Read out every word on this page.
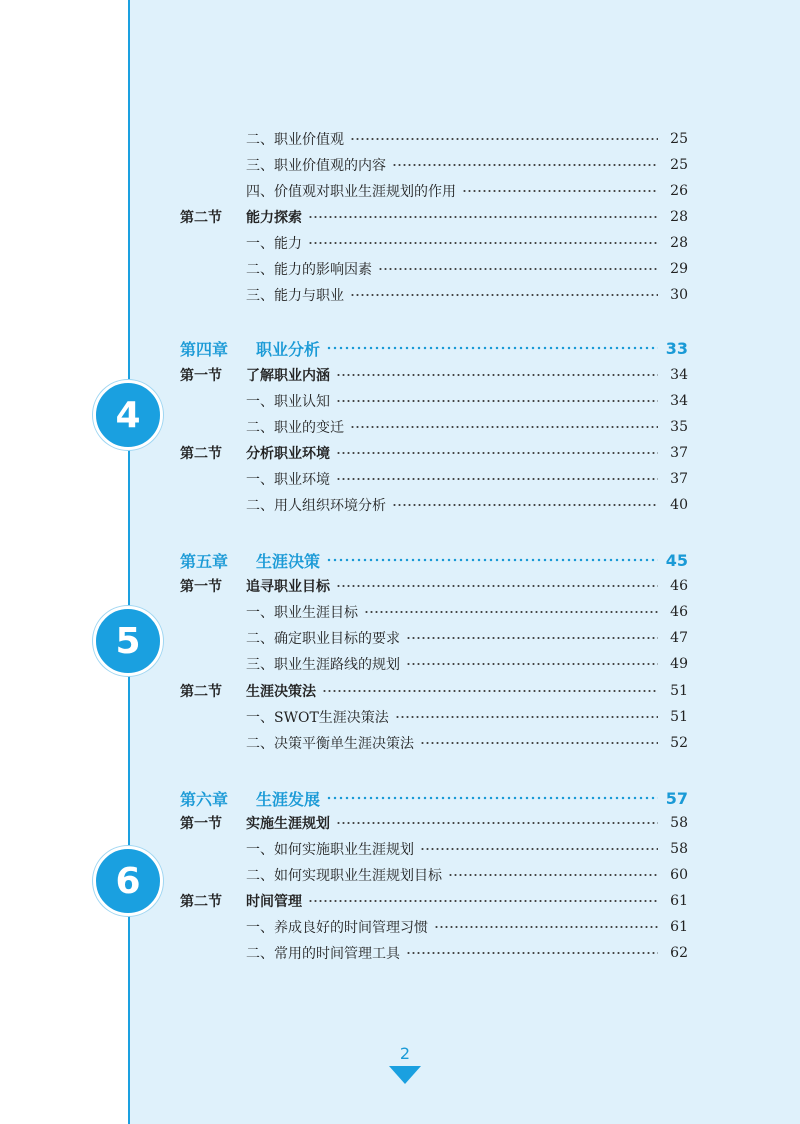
4
5
6
二、职业价值观	25
三、职业价值观的内容	25
四、价值观对职业生涯规划的作用	26
第二节	能力探索	28
一、能力	28
二、能力的影响因素	29
三、能力与职业	30
第四章	职业分析	33
第一节	了解职业内涵	34
一、职业认知	34
二、职业的变迁	35
第二节	分析职业环境	37
一、职业环境	37
二、用人组织环境分析	40
第五章	生涯决策	45
第一节	追寻职业目标	46
一、职业生涯目标	46
二、确定职业目标的要求	47
三、职业生涯路线的规划	49
第二节	生涯决策法	51
一、SWOT生涯决策法	51
二、决策平衡单生涯决策法	52
第六章	生涯发展	57
第一节	实施生涯规划	58
一、如何实施职业生涯规划	58
二、如何实现职业生涯规划目标	60
第二节	时间管理	61
一、养成良好的时间管理习惯	61
二、常用的时间管理工具	62
2
